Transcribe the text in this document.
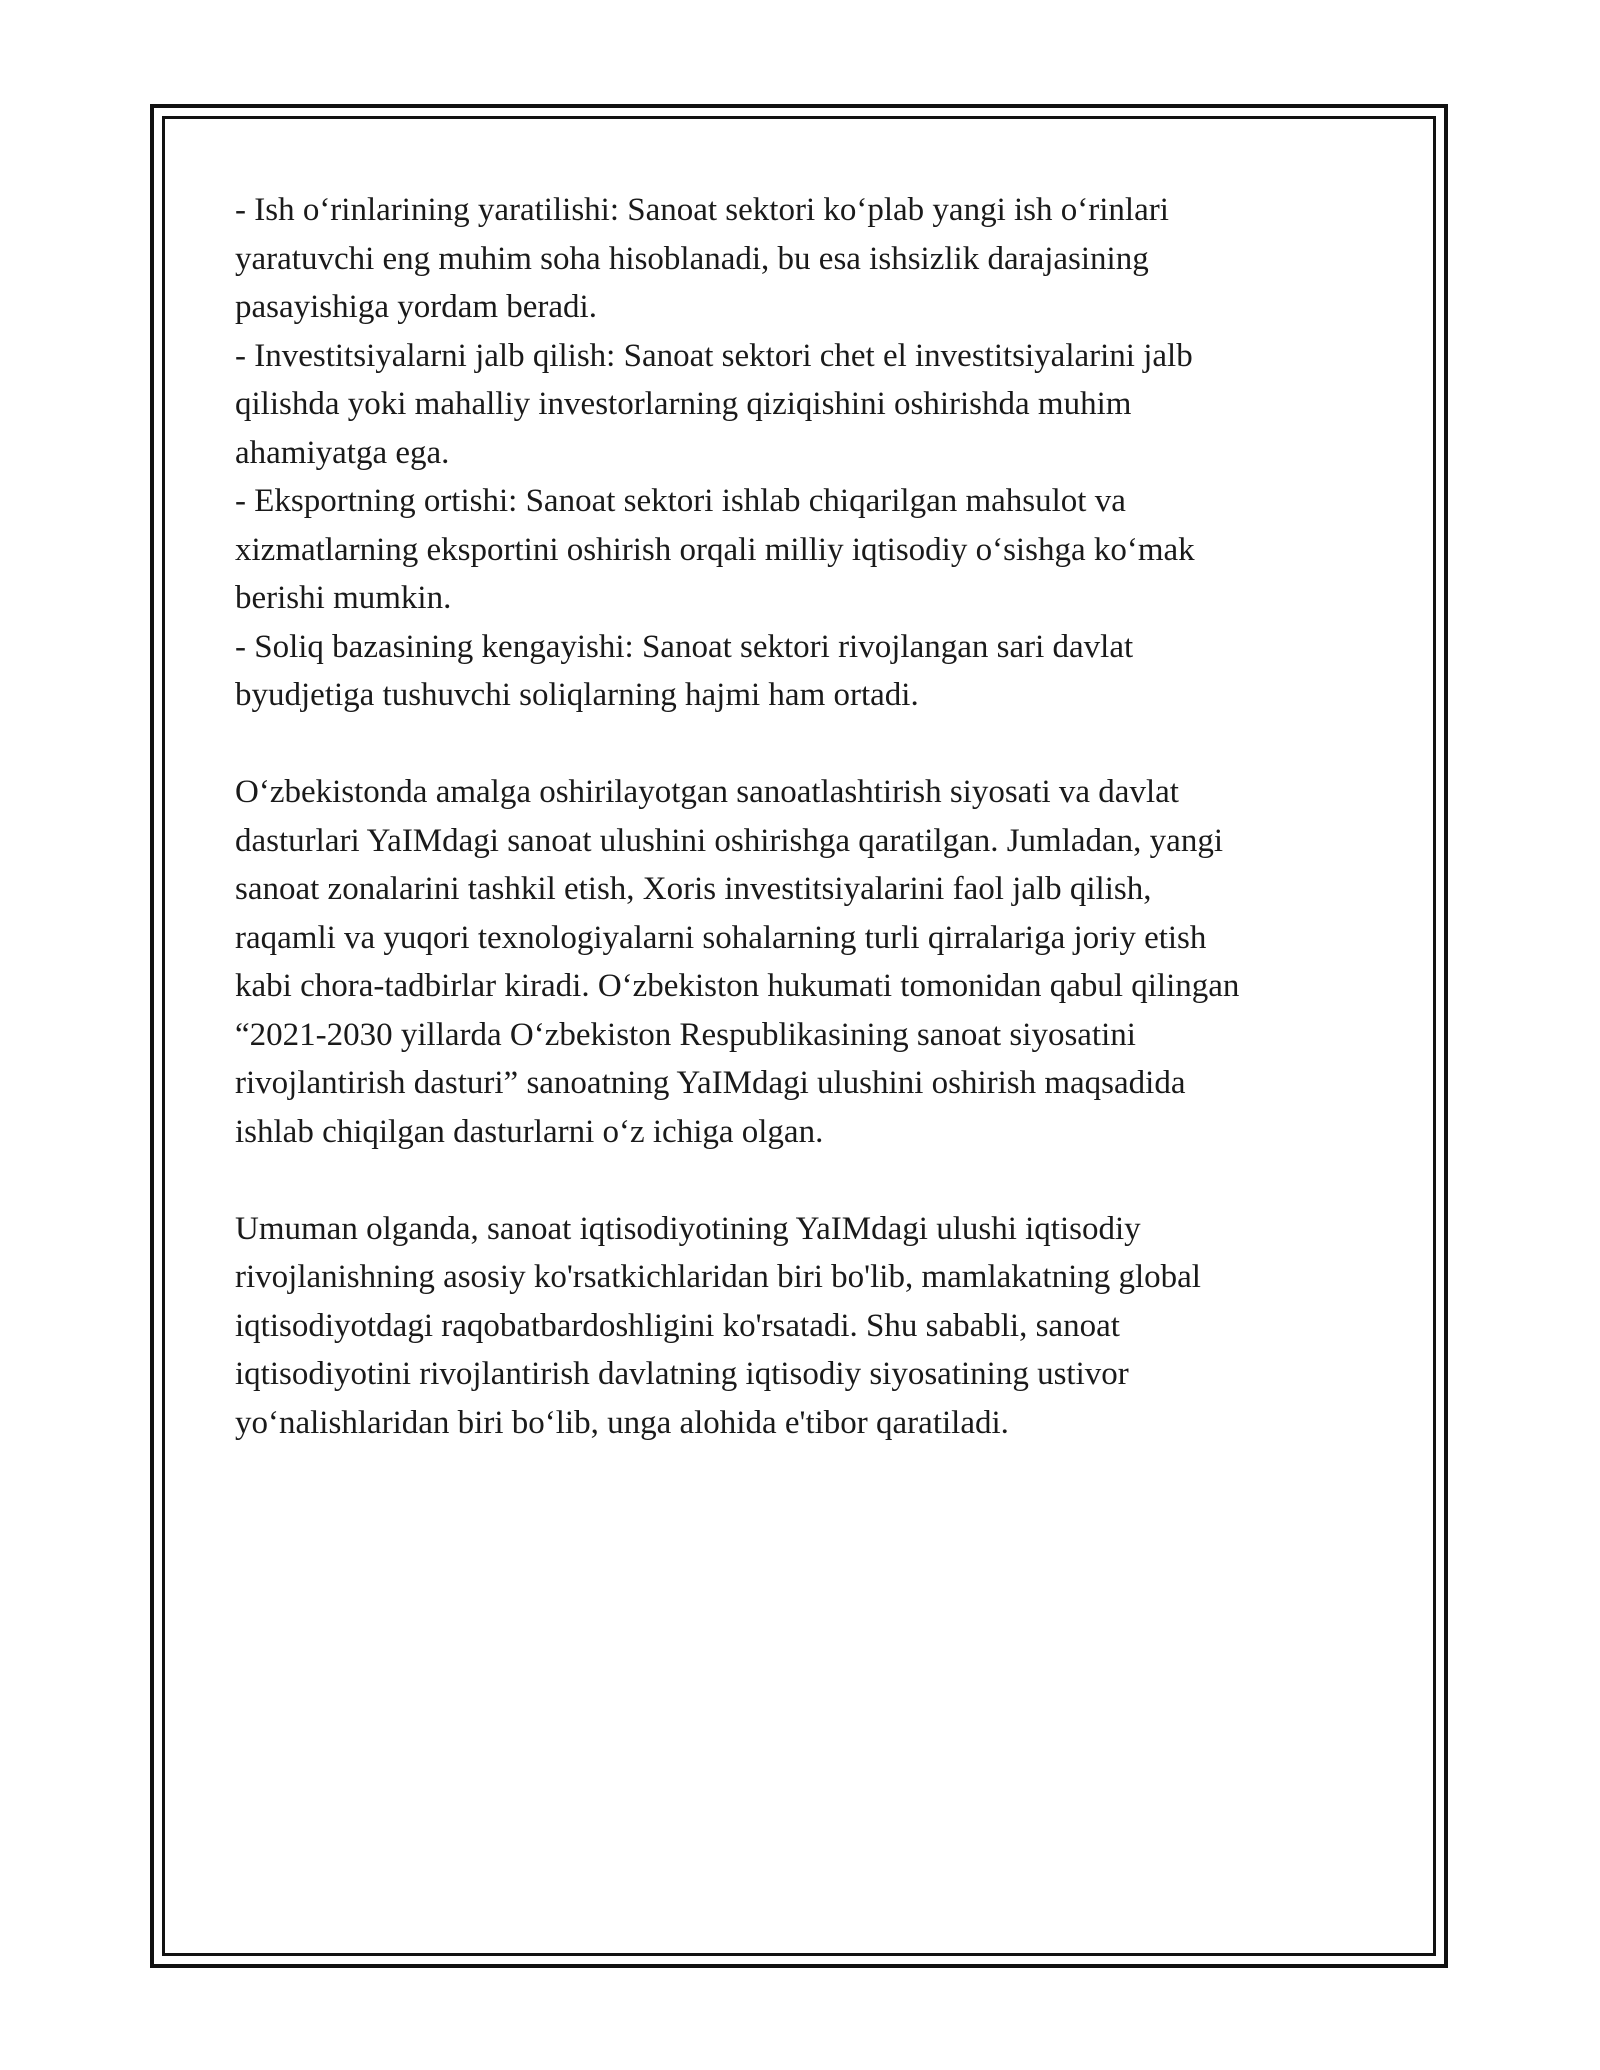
- Ish o‘rinlarining yaratilishi: Sanoat sektori ko‘plab yangi ish o‘rinlari
yaratuvchi eng muhim soha hisoblanadi, bu esa ishsizlik darajasining
pasayishiga yordam beradi.
- Investitsiyalarni jalb qilish: Sanoat sektori chet el investitsiyalarini jalb
qilishda yoki mahalliy investorlarning qiziqishini oshirishda muhim
ahamiyatga ega.
- Eksportning ortishi: Sanoat sektori ishlab chiqarilgan mahsulot va
xizmatlarning eksportini oshirish orqali milliy iqtisodiy o‘sishga ko‘mak
berishi mumkin.
- Soliq bazasining kengayishi: Sanoat sektori rivojlangan sari davlat
byudjetiga tushuvchi soliqlarning hajmi ham ortadi.
O‘zbekistonda amalga oshirilayotgan sanoatlashtirish siyosati va davlat
dasturlari YaIMdagi sanoat ulushini oshirishga qaratilgan. Jumladan, yangi
sanoat zonalarini tashkil etish, Xoris investitsiyalarini faol jalb qilish,
raqamli va yuqori texnologiyalarni sohalarning turli qirralariga joriy etish
kabi chora-tadbirlar kiradi. O‘zbekiston hukumati tomonidan qabul qilingan
“2021-2030 yillarda O‘zbekiston Respublikasining sanoat siyosatini
rivojlantirish dasturi” sanoatning YaIMdagi ulushini oshirish maqsadida
ishlab chiqilgan dasturlarni o‘z ichiga olgan.
Umuman olganda, sanoat iqtisodiyotining YaIMdagi ulushi iqtisodiy
rivojlanishning asosiy ko'rsatkichlaridan biri bo'lib, mamlakatning global
iqtisodiyotdagi raqobatbardoshligini ko'rsatadi. Shu sababli, sanoat
iqtisodiyotini rivojlantirish davlatning iqtisodiy siyosatining ustivor
yo‘nalishlaridan biri bo‘lib, unga alohida e'tibor qaratiladi.
